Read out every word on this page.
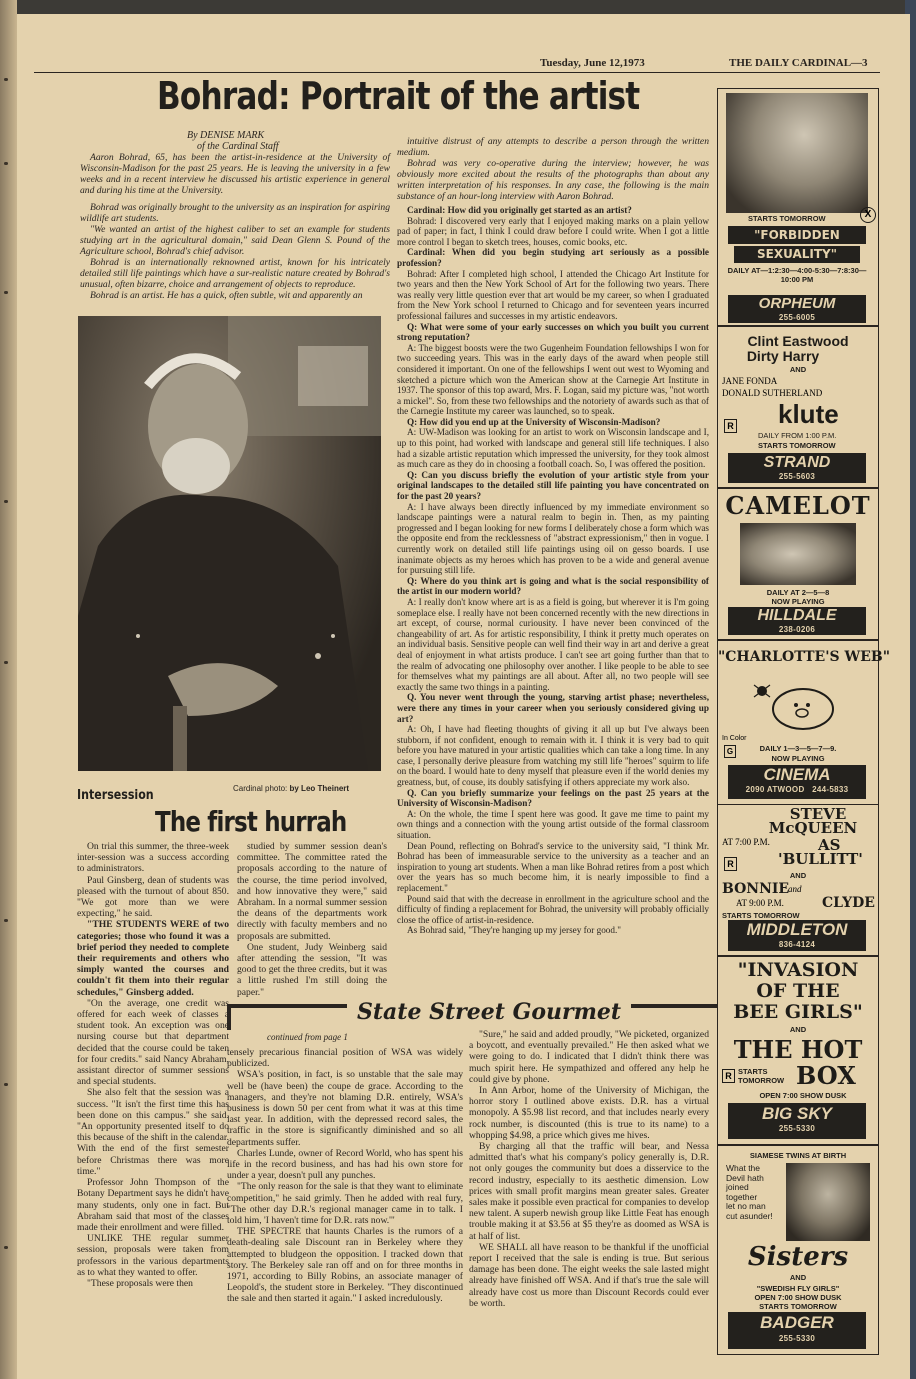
Tuesday, June 12,1973	THE DAILY CARDINAL—3
Bohrad: Portrait of the artist
By DENISE MARK
of the Cardinal Staff

Aaron Bohrad, 65, has been the artist-in-residence at the University of Wisconsin-Madison for the past 25 years. He is leaving the university in a few weeks and in a recent interview he discussed his artistic experience in general and during his time at the University.

Bohrad was originally brought to the university as an inspiration for aspiring wildlife art students.

"We wanted an artist of the highest caliber to set an example for students studying art in the agricultural domain," said Dean Glenn S. Pound of the Agriculture school, Bohrad's chief advisor.

Bohrad is an internationally reknowned artist, known for his intricately detailed still life paintings which have a sur-realistic nature created by Bohrad's unusual, often bizarre, choice and arrangement of objects to reproduce.

Bohrad is an artist. He has a quick, often subtle, wit and apparently an

intuitive distrust of any attempts to describe a person through the written medium.

Bohrad was very co-operative during the interview; however, he was obviously more excited about the results of the photographs than about any written interpretation of his responses. In any case, the following is the main substance of an hour-long interview with Aaron Bohrad.

Cardinal: How did you originally get started as an artist?

Bohrad: I discovered very early that I enjoyed making marks on a plain yellow pad of paper; in fact, I think I could draw before I could write. When I got a little more control I began to sketch trees, houses, comic books, etc.

Cardinal: When did you begin studying art seriously as a possible profession?

Bohrad: After I completed high school, I attended the Chicago Art Institute for two years and then the New York School of Art for the following two years. There was really very little question ever that art would be my career, so when I graduated from the New York school I returned to Chicago and for seventeen years incurred professional failures and successes in my artistic endeavors.

Q: What were some of your early successes on which you built you current strong reputation?

A: The biggest boosts were the two Gugenheim Foundation fellowships I won for two succeeding years. This was in the early days of the award when people still considered it important. On one of the fellowships I went out west to Wyoming and sketched a picture which won the American show at the Carnegie Art Institute in 1937. The sponsor of this top award, Mrs. F. Logan, said my picture was, "not worth a mickel". So, from these two fellowships and the notoriety of awards such as that of the Carnegie Institute my career was launched, so to speak.

Q: How did you end up at the University of Wisconsin-Madison?

A: UW-Madison was looking for an artist to work on Wisconsin landscape and I, up to this point, had worked with landscape and general still life techniques. I also had a sizable artistic reputation which impressed the university, for they took almost as much care as they do in choosing a football coach. So, I was offered the position.

Q: Can you discuss briefly the evolution of your artistic style from your original landscapes to the detailed still life painting you have concentrated on for the past 20 years?

A: I have always been directly influenced by my immediate environment so landscape paintings were a natural realm to begin in. Then, as my painting progressed and I began looking for new forms I deliberately chose a form which was the opposite end from the recklessness of "abstract expressionism," then in vogue. I currently work on detailed still life paintings using oil on gesso boards. I use inanimate objects as my heroes which has proven to be a wide and general avenue for pursuing still life.

Q: Where do you think art is going and what is the social responsibility of the artist in our modern world?

A: I really don't know where art is as a field is going, but wherever it is I'm going someplace else. I really have not been concerned recently with the new directions in art except, of course, normal curiousity. I have never been convinced of the changeability of art. As for artistic responsibility, I think it pretty much operates on an individual basis. Sensitive people can well find their way in art and derive a great deal of enjoyment in what artists produce. I can't see art going further than that to the realm of advocating one philosophy over another. I like people to be able to see for themselves what my paintings are all about. After all, no two people will see exactly the same two things in a painting.

Q. You never went through the young, starving artist phase; nevertheless, were there any times in your career when you seriously considered giving up art?

A: Oh, I have had fleeting thoughts of giving it all up but I've always been stubborn, if not confident, enough to remain with it. I think it is very bad to quit before you have matured in your artistic qualities which can take a long time. In any case, I personally derive pleasure from watching my still life "heroes" squirm to life on the board. I would hate to deny myself that pleasure even if the world denies my greatness, but, of couse, its doubly satisfying if others appreciate my work also.

Q. Can you briefly summarize your feelings on the past 25 years at the University of Wisconsin-Madison?

A: On the whole, the time I spent here was good. It gave me time to paint my own things and a connection with the young artist outside of the formal classroom situation.

Dean Pound, reflecting on Bohrad's service to the university said, "I think Mr. Bohrad has been of immeasurable service to the university as a teacher and an inspiration to young art students. When a man like Bohrad retires from a post which over the years has so much become him, it is nearly impossible to find a replacement."

Pound said that with the decrease in enrollment in the agriculture school and the difficulty of finding a replacement for Bohrad, the university will probably officially close the office of artist-in-residence.

As Bohrad said, "They're hanging up my jersey for good."

Cardinal photo: by Leo Theinert
Intersession
The first hurrah

On trial this summer, the three-week inter-session was a success according to administrators.

Paul Ginsberg, dean of students was pleased with the turnout of about 850. "We got more than we were expecting," he said.

"THE STUDENTS WERE of two categories; those who found it was a brief period they needed to complete their requirements and others who simply wanted the courses and couldn't fit them into their regular schedules," Ginsberg added.

"On the average, one credit was offered for each week of classes a student took. An exception was one nursing course but that department decided that the course could be taken for four credits." said Nancy Abraham, assistant director of summer sessions and special students.

She also felt that the session was a success. "It isn't the first time this has been done on this campus." she said. "An opportunity presented itself to do this because of the shift in the calendar. With the end of the first semester before Christmas there was more time."

Professor John Thompson of the Botany Department says he didn't have many students, only one in fact. But Abraham said that most of the classes made their enrollment and were filled.

UNLIKE THE regular summer session, proposals were taken from professors in the various departments as to what they wanted to offer.

"These proposals were then

studied by summer session dean's committee. The committee rated the proposals according to the nature of the course, the time period involved, and how innovative they were," said Abraham. In a normal summer session the deans of the departments work directly with faculty members and no proposals are submitted.

One student, Judy Weinberg said after attending the session, "It was good to get the three credits, but it was a little rushed I'm still doing the paper."

State Street Gourmet
continued from page 1

tensely precarious financial position of WSA was widely publicized.

WSA's position, in fact, is so unstable that the sale may well be (have been) the coupe de grace. According to the managers, and they're not blaming D.R. entirely, WSA's business is down 50 per cent from what it was at this time last year. In addition, with the depressed record sales, the traffic in the store is significantly diminished and so all departments suffer.

Charles Lunde, owner of Record World, who has spent his life in the record business, and has had his own store for under a year, doesn't pull any punches.

"The only reason for the sale is that they want to eliminate competition," he said grimly. Then he added with real fury, "The other day D.R.'s regional manager came in to talk. I told him, 'I haven't time for D.R. rats now.'"

THE SPECTRE that haunts Charles is the rumors of a death-dealing sale Discount ran in Berkeley where they attempted to bludgeon the opposition. I tracked down that story. The Berkeley sale ran off and on for three months in 1971, according to Billy Robins, an associate manager of Leopold's, the student store in Berkeley. "They discontinued the sale and then started it again." I asked incredulously.

"Sure," he said and added proudly, "We picketed, organized a boycott, and eventually prevailed." He then asked what we were going to do. I indicated that I didn't think there was much spirit here. He sympathized and offered any help he could give by phone.

In Ann Arbor, home of the University of Michigan, the horror story I outlined above exists. D.R. has a virtual monopoly. A $5.98 list record, and that includes nearly every rock number, is discounted (this is true to its name) to a whopping $4.98, a price which gives me hives.

By charging all that the traffic will bear, and Nessa admitted that's what his company's policy generally is, D.R. not only gouges the community but does a disservice to the record industry, especially to its aesthetic dimension. Low prices with small profit margins mean greater sales. Greater sales make it possible even practical for companies to develop new talent. A superb newish group like Little Feat has enough trouble making it at $3.56 at $5 they're as doomed as WSA is at half of list.

WE SHALL all have reason to be thankful if the unofficial report I received that the sale is ending is true. But serious damage has been done. The eight weeks the sale lasted might already have finished off WSA. And if that's true the sale will already have cost us more than Discount Records could ever be worth.

STARTS TOMORROW	X
"FORBIDDEN
SEXUALITY"
DAILY AT—1:2:30—4:00-5:30—7:8:30—10:00 PM
ORPHEUM
255-6005
Clint Eastwood
Dirty Harry
AND
JANE FONDA
DONALD SUTHERLAND
R klute
DAILY FROM 1:00 P.M.
STARTS TOMORROW
STRAND
255-5603
CAMELOT
DAILY AT 2—5—8
NOW PLAYING
HILLDALE
238-0206
"CHARLOTTE'S WEB"
In Color
G	DAILY 1—3—5—7—9.
NOW PLAYING
CINEMA
2090 ATWOOD 244-5833
STEVE
McQUEEN
AT 7:00 P.M.	AS
R	'BULLITT'
AND
BONNIE
and
AT 9:00 P.M.	CLYDE
STARTS TOMORROW
MIDDLETON
836-4124
"INVASION
OF THE
BEE GIRLS"
AND
THE HOT
R STARTS TOMORROW BOX
OPEN 7:00 SHOW DUSK
BIG SKY
255-5330
SIAMESE TWINS AT BIRTH
What the
Devil hath
joined
together
let no man
cut asunder!
Sisters
AND
"SWEDISH FLY GIRLS"
OPEN 7:00 SHOW DUSK
STARTS TOMORROW
BADGER
255-5330
